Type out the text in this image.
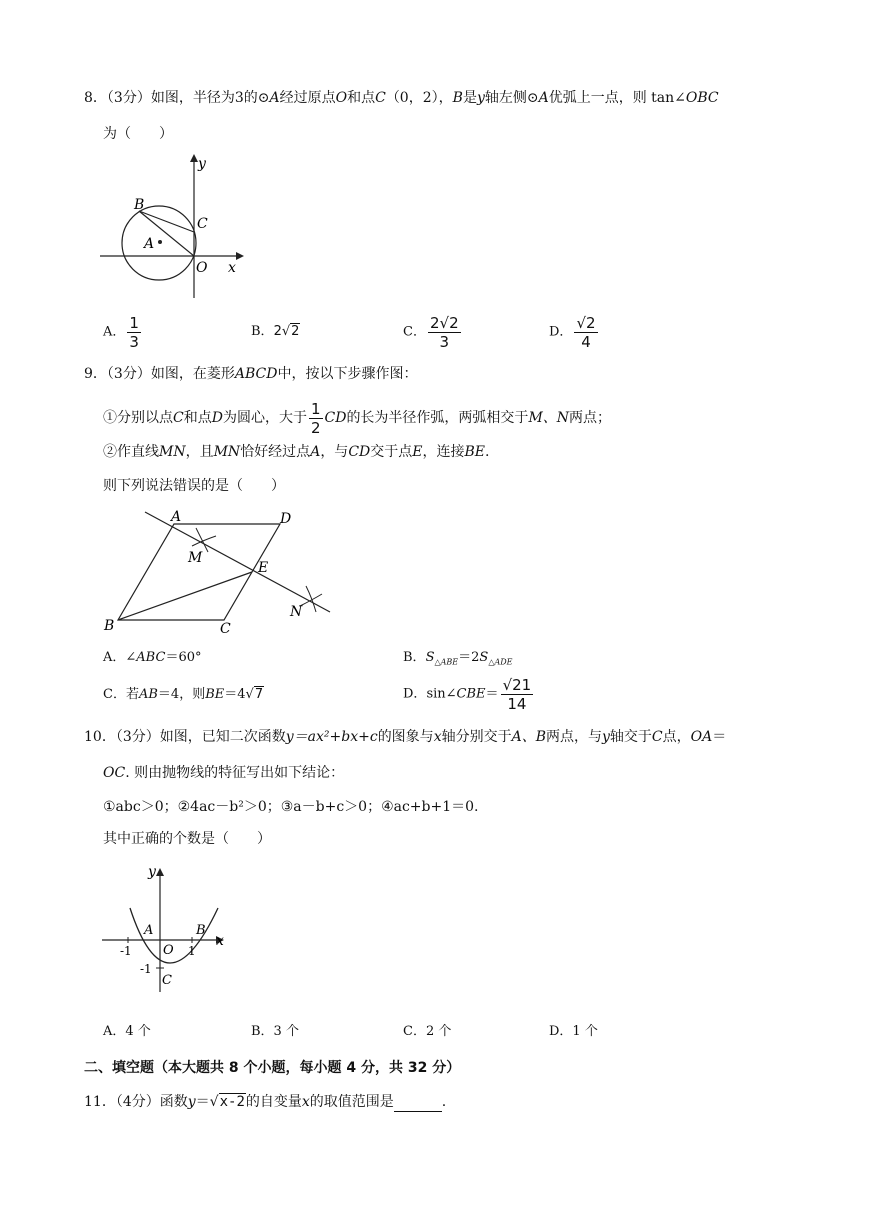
8．（3分）如图，半径为3的⊙A经过原点O和点C（0，2），B是y轴左侧⊙A优弧上一点，则 tan∠OBC
为（　　）
y
x
B
C
A
O
A． $\frac{1}{3}$	B．2√2	C． $\frac{2√2}{3}$	D． $\frac{√2}{4}$
9．（3分）如图，在菱形ABCD中，按以下步骤作图：
①分别以点C和点D为圆心，大于 $\frac{1}{2}$ CD的长为半径作弧，两弧相交于M、N两点；
②作直线MN，且MN恰好经过点A，与CD交于点E，连接BE.
则下列说法错误的是（　　）
A	D
M
E
N
B	C
A．∠ABC＝60°	B．$S_{\triangle ABE}=2S_{\triangle ADE}$
C．若AB＝4，则BE＝4√7	D．sin∠CBE＝ $\frac{√21}{14}$
10．（3分）如图，已知二次函数y＝ax²+bx+c的图象与x轴分别交于A、B两点，与y轴交于C点，OA＝
OC. 则由抛物线的特征写出如下结论：
①abc＞0；②4ac－b²＞0；③a－b+c＞0；④ac+b+1＝0.
其中正确的个数是（　　）
y
x
A	B
O
-1	1
-1
C
A．4 个	B．3 个	C．2 个	D．1 个
二、填空题（本大题共 8 个小题，每小题 4 分，共 32 分）
11．（4分）函数y＝√x-2的自变量x的取值范围是	.
